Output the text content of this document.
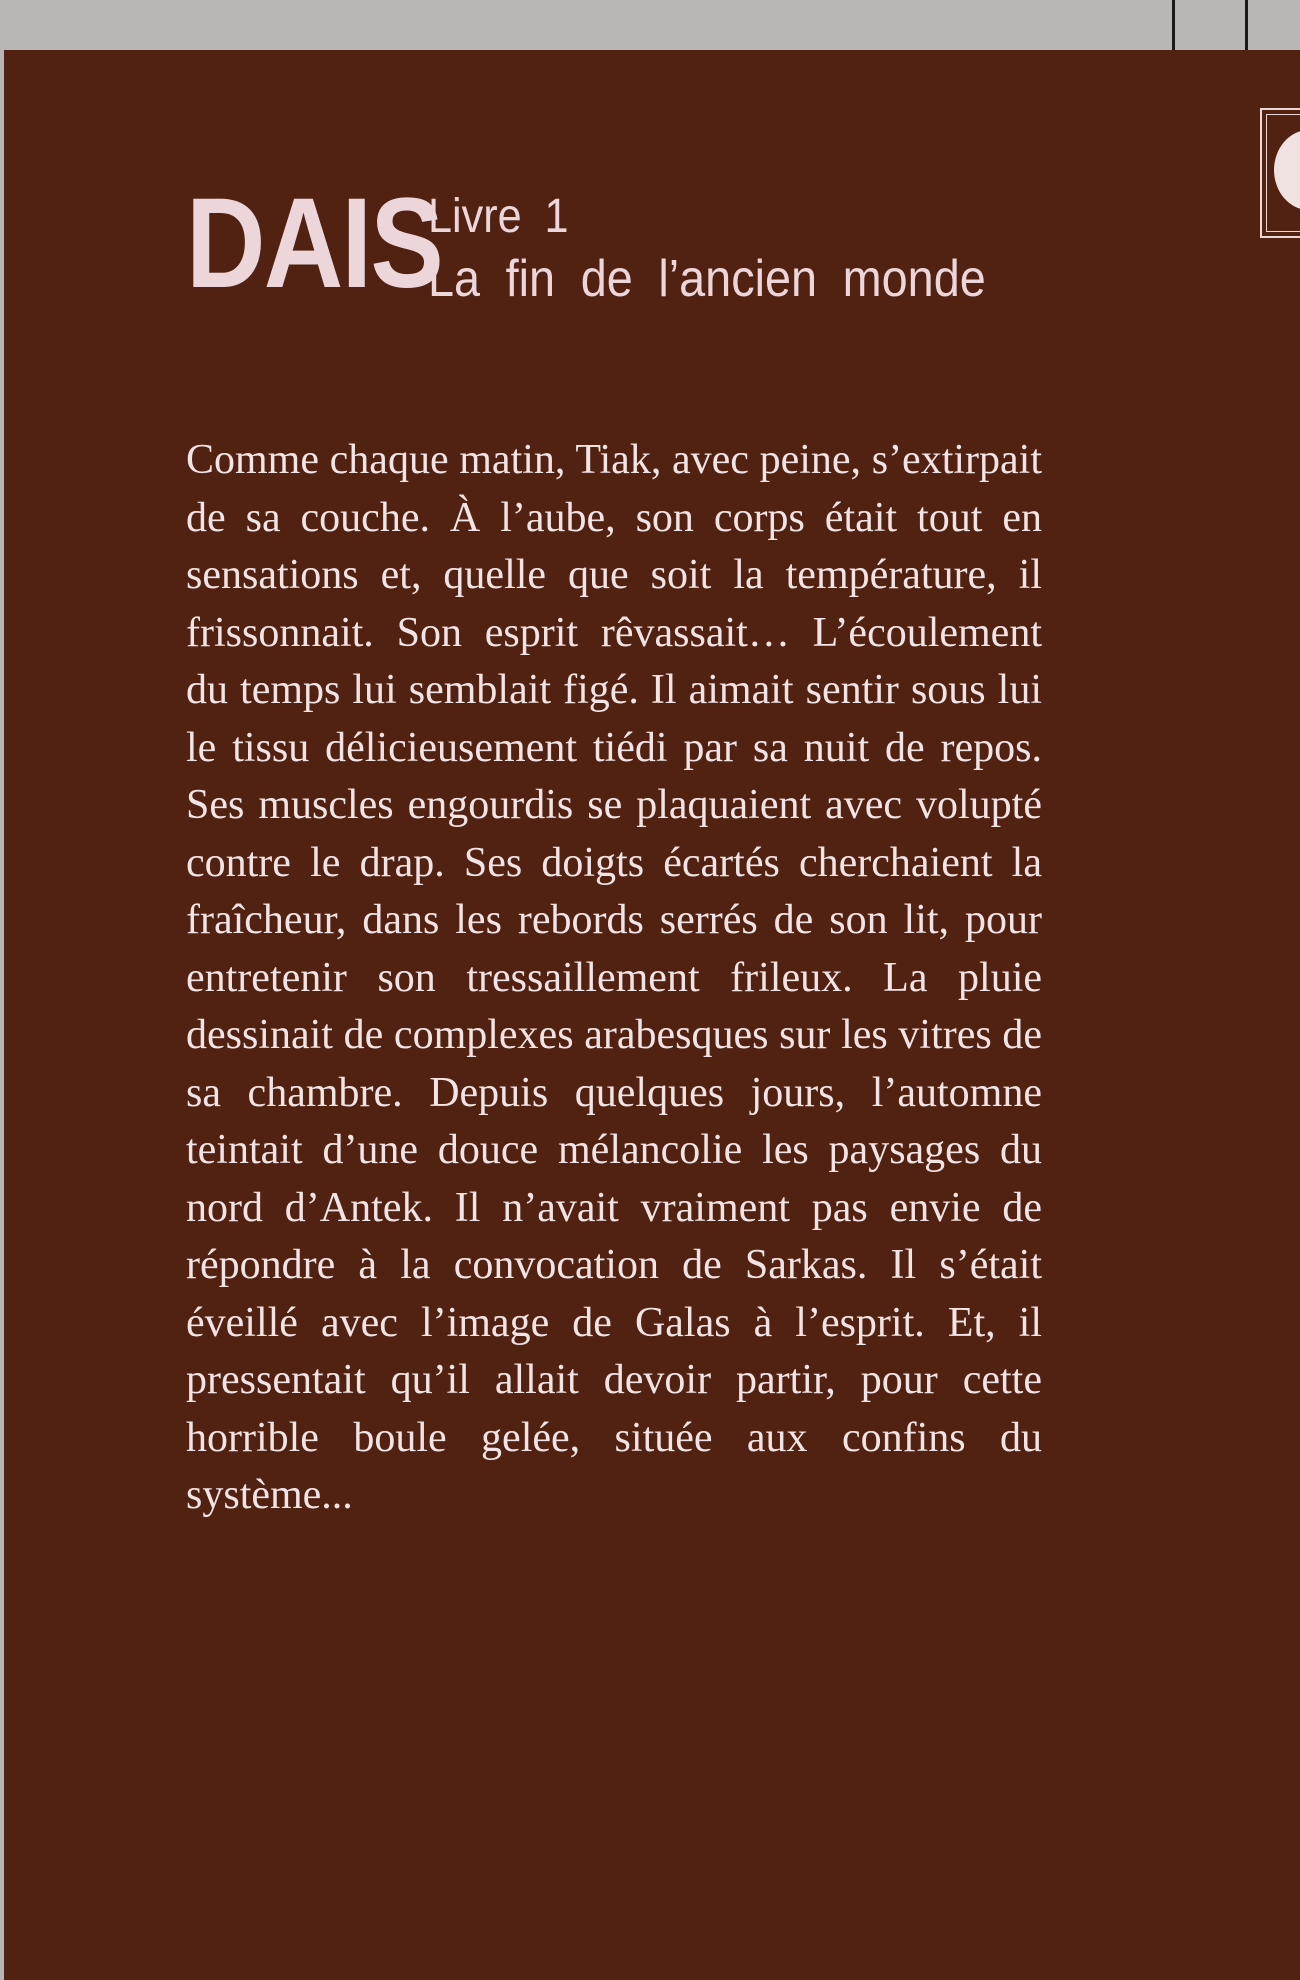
DAIS
Livre 1
La fin de l’ancien monde

Comme chaque matin, Tiak, avec peine, s’extirpait de sa couche. À l’aube, son corps était tout en sensations et, quelle que soit la température, il frissonnait. Son esprit rêvassait… L’écoulement du temps lui semblait figé. Il aimait sentir sous lui le tissu délicieusement tiédi par sa nuit de repos. Ses muscles engourdis se plaquaient avec volupté contre le drap. Ses doigts écartés cherchaient la fraîcheur, dans les rebords serrés de son lit, pour entretenir son tressaillement frileux. La pluie dessinait de complexes arabesques sur les vitres de sa chambre. Depuis quelques jours, l’automne teintait d’une douce mélancolie les paysages du nord d’Antek. Il n’avait vraiment pas envie de répondre à la convocation de Sarkas. Il s’était éveillé avec l’image de Galas à l’esprit. Et, il pressentait qu’il allait devoir partir, pour cette horrible boule gelée, située aux confins du système...
